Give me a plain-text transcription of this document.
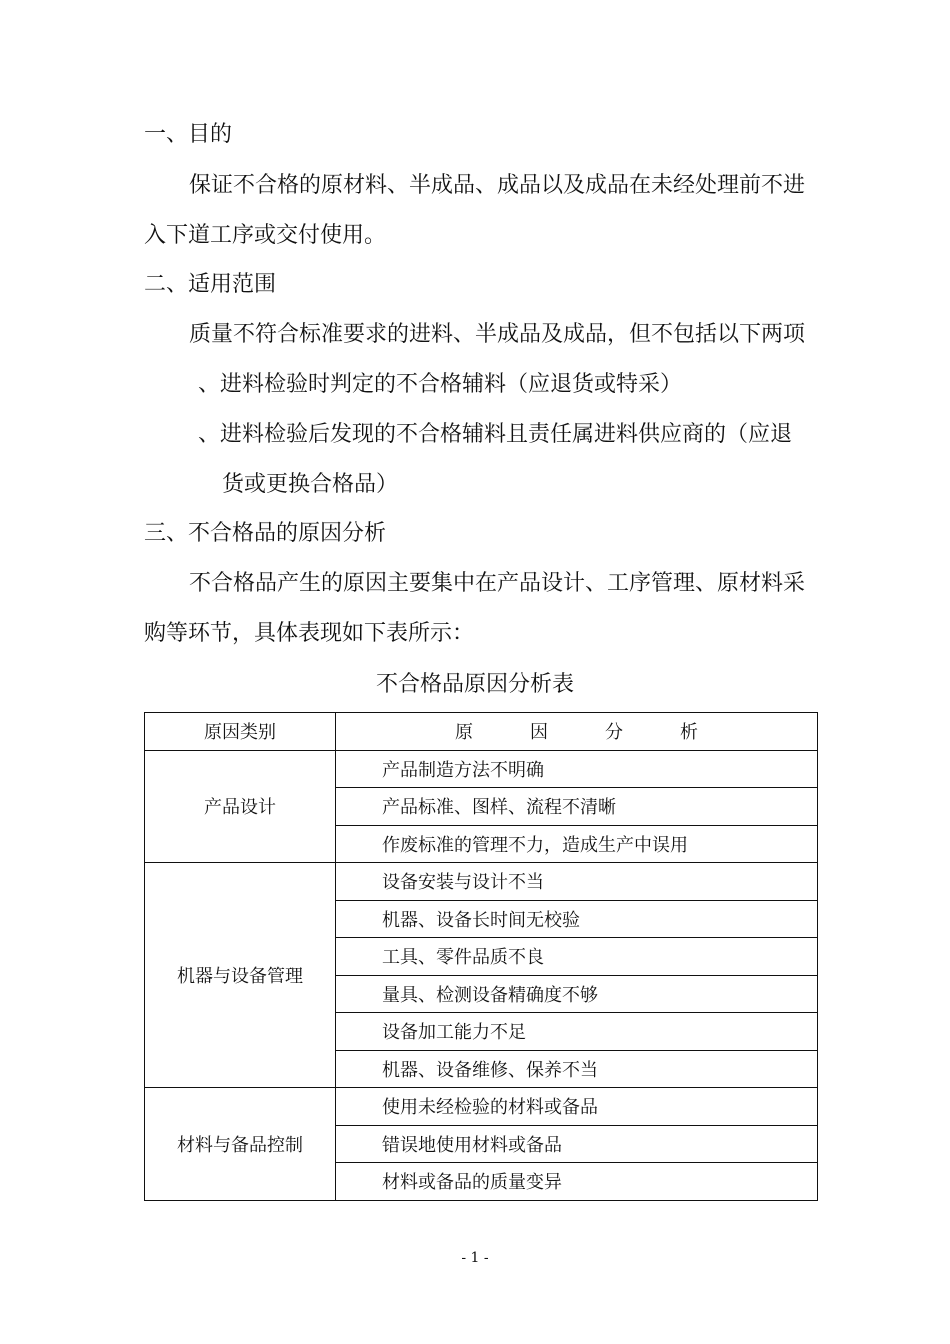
一、目的
保证不合格的原材料、半成品、成品以及成品在未经处理前不进
入下道工序或交付使用。
二、适用范围
质量不符合标准要求的进料、半成品及成品，但不包括以下两项
、进料检验时判定的不合格辅料（应退货或特采）
、进料检验后发现的不合格辅料且责任属进料供应商的（应退
货或更换合格品）
三、不合格品的原因分析
不合格品产生的原因主要集中在产品设计、工序管理、原材料采
购等环节，具体表现如下表所示：
不合格品原因分析表
原因类别	原 因 分 析

产品设计	产品制造方法不明确
	产品标准、图样、流程不清晰
	作废标准的管理不力，造成生产中误用
机器与设备管理	设备安装与设计不当
	机器、设备长时间无校验
	工具、零件品质不良
	量具、检测设备精确度不够
	设备加工能力不足
	机器、设备维修、保养不当
材料与备品控制	使用未经检验的材料或备品
	错误地使用材料或备品
	材料或备品的质量变异
- 1 -
